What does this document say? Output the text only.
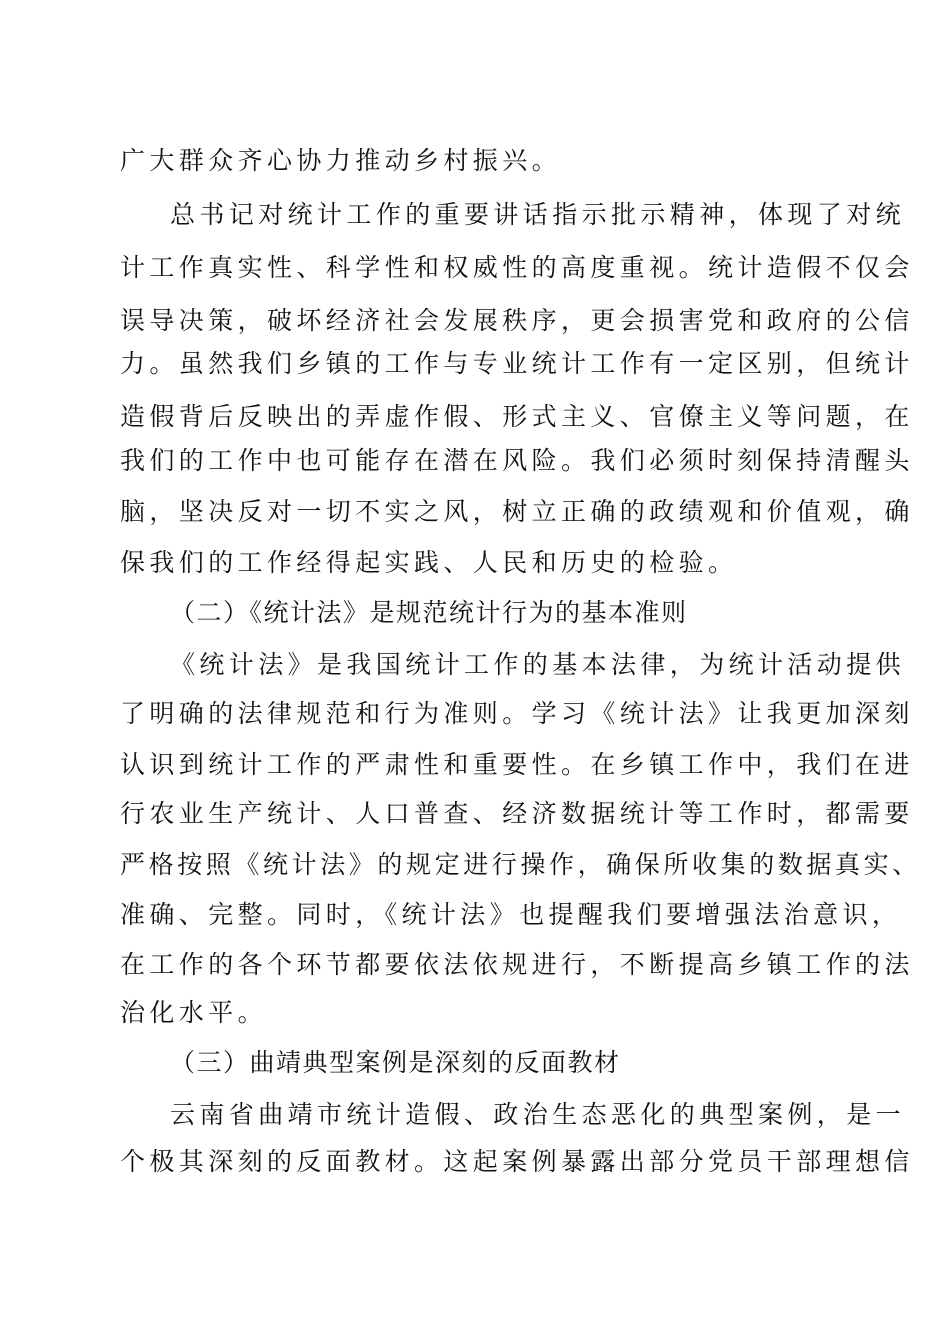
广大群众齐心协力推动乡村振兴。
总书记对统计工作的重要讲话指示批示精神，体现了对统
计工作真实性、科学性和权威性的高度重视。统计造假不仅会
误导决策，破坏经济社会发展秩序，更会损害党和政府的公信
力。虽然我们乡镇的工作与专业统计工作有一定区别，但统计
造假背后反映出的弄虚作假、形式主义、官僚主义等问题，在
我们的工作中也可能存在潜在风险。我们必须时刻保持清醒头
脑，坚决反对一切不实之风，树立正确的政绩观和价值观，确
保我们的工作经得起实践、人民和历史的检验。
（二）《统计法》是规范统计行为的基本准则
《统计法》是我国统计工作的基本法律，为统计活动提供
了明确的法律规范和行为准则。学习《统计法》让我更加深刻
认识到统计工作的严肃性和重要性。在乡镇工作中，我们在进
行农业生产统计、人口普查、经济数据统计等工作时，都需要
严格按照《统计法》的规定进行操作，确保所收集的数据真实、
准确、完整。同时，《统计法》也提醒我们要增强法治意识，
在工作的各个环节都要依法依规进行，不断提高乡镇工作的法
治化水平。
（三）曲靖典型案例是深刻的反面教材
云南省曲靖市统计造假、政治生态恶化的典型案例，是一
个极其深刻的反面教材。这起案例暴露出部分党员干部理想信
